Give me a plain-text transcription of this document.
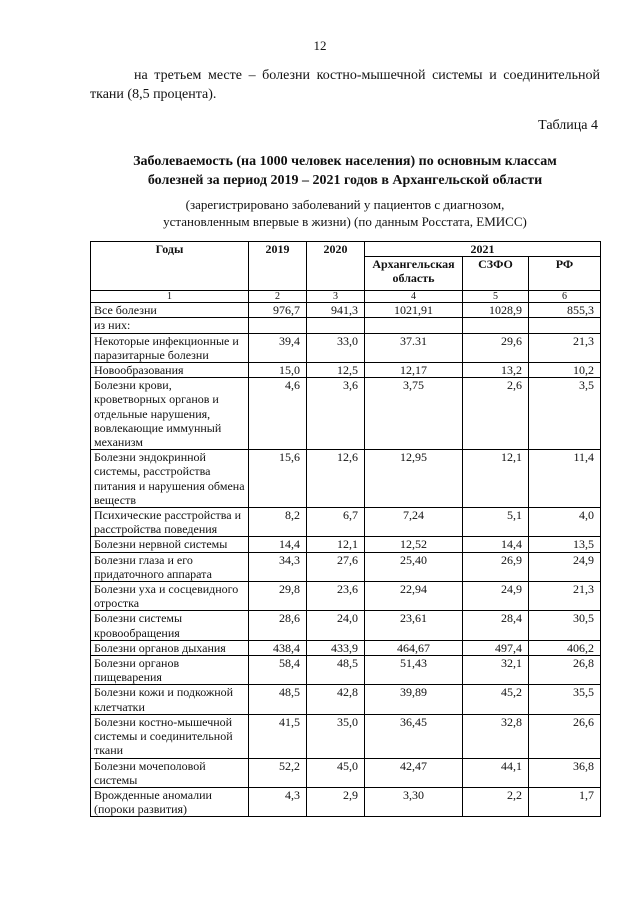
12
на третьем месте – болезни костно-мышечной системы и соединительной
ткани (8,5 процента).
Таблица 4
Заболеваемость (на 1000 человек населения) по основным классам
болезней за период 2019 – 2021 годов в Архангельской области
(зарегистрировано заболеваний у пациентов с диагнозом,
установленным впервые в жизни) (по данным Росстата, ЕМИСС)
Годы	2019	2020	2021		
			Архангельская область	СЗФО	РФ
1	2	3	4	5	6
Все болезни	976,7	941,3	1021,91	1028,9	855,3
из них:					
Некоторые инфекционные и паразитарные болезни	39,4	33,0	37.31	29,6	21,3
Новообразования	15,0	12,5	12,17	13,2	10,2
Болезни крови, кроветворных органов и отдельные нарушения, вовлекающие иммунный механизм	4,6	3,6	3,75	2,6	3,5
Болезни эндокринной системы, расстройства питания и нарушения обмена веществ	15,6	12,6	12,95	12,1	11,4
Психические расстройства и расстройства поведения	8,2	6,7	7,24	5,1	4,0
Болезни нервной системы	14,4	12,1	12,52	14,4	13,5
Болезни глаза и его придаточного аппарата	34,3	27,6	25,40	26,9	24,9
Болезни уха и сосцевидного отростка	29,8	23,6	22,94	24,9	21,3
Болезни системы кровообращения	28,6	24,0	23,61	28,4	30,5
Болезни органов дыхания	438,4	433,9	464,67	497,4	406,2
Болезни органов пищеварения	58,4	48,5	51,43	32,1	26,8
Болезни кожи и подкожной клетчатки	48,5	42,8	39,89	45,2	35,5
Болезни костно-мышечной системы и соединительной ткани	41,5	35,0	36,45	32,8	26,6
Болезни мочеполовой системы	52,2	45,0	42,47	44,1	36,8
Врожденные аномалии (пороки развития)	4,3	2,9	3,30	2,2	1,7
